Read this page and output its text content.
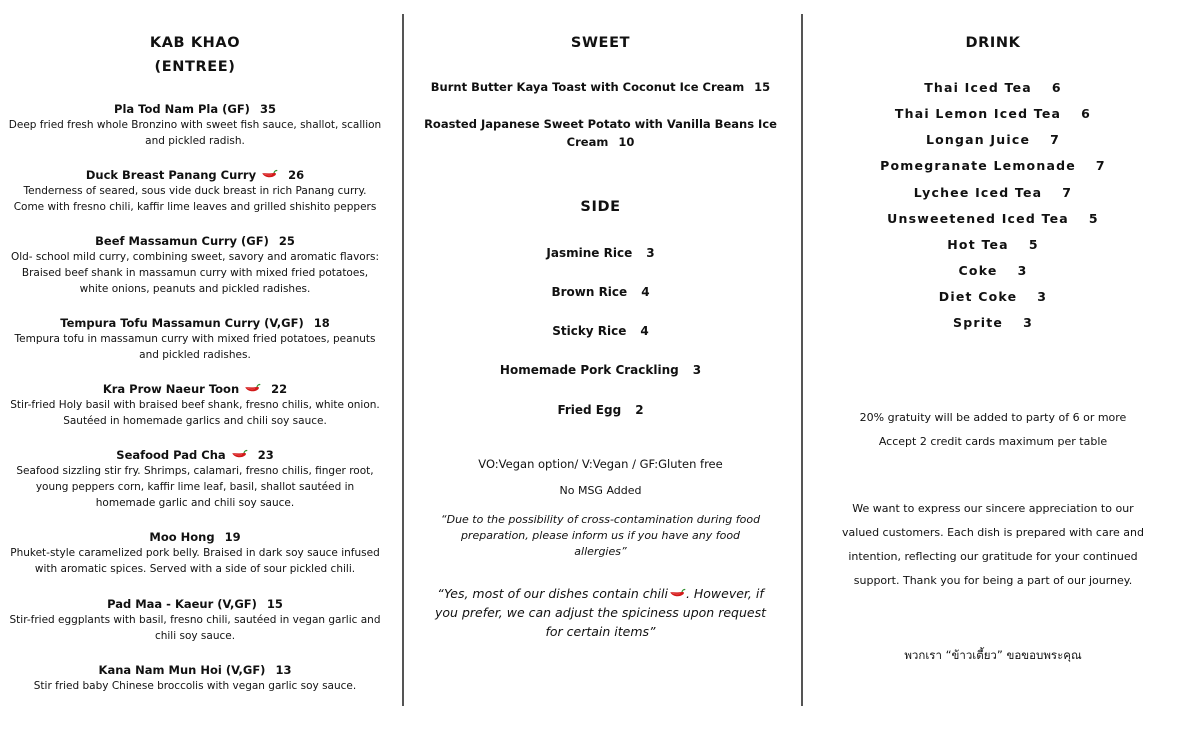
KAB KHAO
(ENTREE)
Pla Tod Nam Pla (GF) 35
Deep fried fresh whole Bronzino with sweet fish sauce, shallot, scallion and pickled radish.
Duck Breast Panang Curry	26
Tenderness of seared, sous vide duck breast in rich Panang curry. Come with fresno chili, kaffir lime leaves and grilled shishito peppers
Beef Massamun Curry (GF) 25
Old- school mild curry, combining sweet, savory and aromatic flavors: Braised beef shank in massamun curry with mixed fried potatoes, white onions, peanuts and pickled radishes.
Tempura Tofu Massamun Curry (V,GF) 18
Tempura tofu in massamun curry with mixed fried potatoes, peanuts and pickled radishes.
Kra Prow Naeur Toon	22
Stir-fried Holy basil with braised beef shank, fresno chilis, white onion. Sautéed in homemade garlics and chili soy sauce.
Seafood Pad Cha	23
Seafood sizzling stir fry. Shrimps, calamari, fresno chilis, finger root, young peppers corn, kaffir lime leaf, basil, shallot sautéed in homemade garlic and chili soy sauce.
Moo Hong 19
Phuket-style caramelized pork belly. Braised in dark soy sauce infused with aromatic spices. Served with a side of sour pickled chili.
Pad Maa - Kaeur (V,GF) 15
Stir-fried eggplants with basil, fresno chili, sautéed in vegan garlic and chili soy sauce.
Kana Nam Mun Hoi (V,GF) 13
Stir fried baby Chinese broccolis with vegan garlic soy sauce.
SWEET
Burnt Butter Kaya Toast with Coconut Ice Cream 15
Roasted Japanese Sweet Potato with Vanilla Beans Ice Cream 10
SIDE
Jasmine Rice 3
Brown Rice 4
Sticky Rice 4
Homemade Pork Crackling 3
Fried Egg 2
VO:Vegan option/ V:Vegan / GF:Gluten free
No MSG Added
“Due to the possibility of cross-contamination during food preparation, please inform us if you have any food allergies”
“Yes, most of our dishes contain chili . However, if you prefer, we can adjust the spiciness upon request for certain items”
DRINK
Thai Iced Tea 6
Thai Lemon Iced Tea 6
Longan Juice 7
Pomegranate Lemonade 7
Lychee Iced Tea 7
Unsweetened Iced Tea 5
Hot Tea 5
Coke 3
Diet Coke 3
Sprite 3
20% gratuity will be added to party of 6 or more
Accept 2 credit cards maximum per table
We want to express our sincere appreciation to our valued customers. Each dish is prepared with care and intention, reflecting our gratitude for your continued support. Thank you for being a part of our journey.
พวกเรา “ข้าวเตี้ยว” ขอขอบพระคุณ
